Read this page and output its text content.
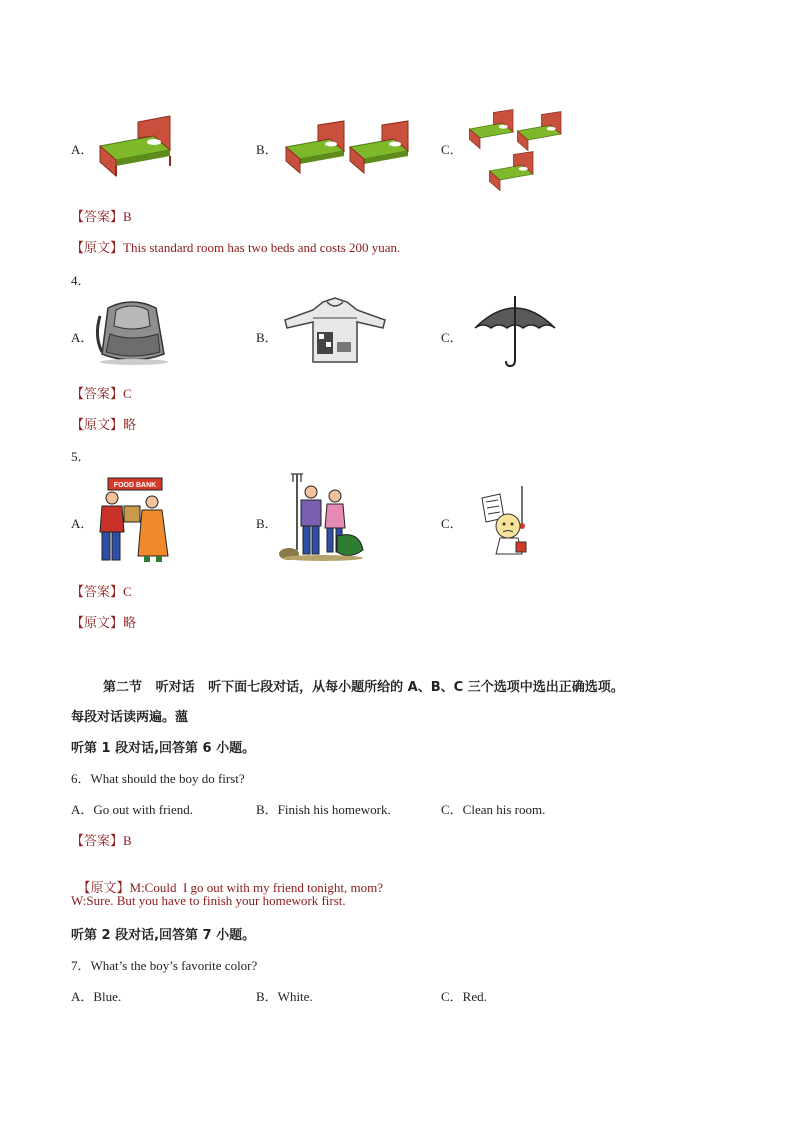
A．	B．	C．
【答案】B
【原文】This standard room has two beds and costs 200 yuan.
4．
A．	B．	C．
【答案】C
【原文】略
5．
A．
FOOD BANK
B．	C．
【答案】C
【原文】略
第二节   听对话   听下面七段对话，从每小题所给的 A、B、C 三个选项中选出正确选项。
每段对话读两遍。薀
听第 1 段对话,回答第 6 小题。
6．What should the boy do first?
A．Go out with friend.	B．Finish his homework.	C．Clean his room.
【答案】B

【原文】M:Could  I go out with my friend tonight, mom?

W:Sure. But you have to finish your homework first.
听第 2 段对话,回答第 7 小题。
7．What’s the boy’s favorite color?
A．Blue.	B．White.	C．Red.
